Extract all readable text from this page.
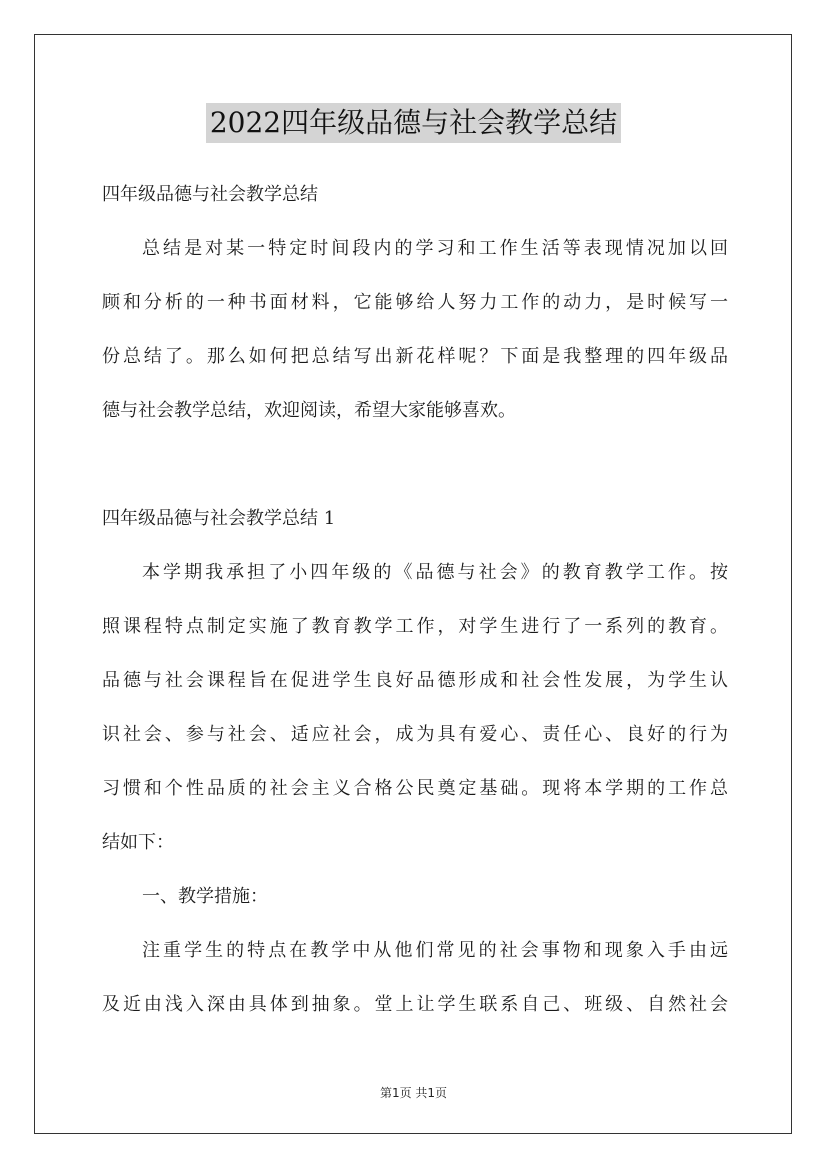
2022四年级品德与社会教学总结
四年级品德与社会教学总结
总结是对某一特定时间段内的学习和工作生活等表现情况加以回
顾和分析的一种书面材料，它能够给人努力工作的动力，是时候写一
份总结了。那么如何把总结写出新花样呢？下面是我整理的四年级品
德与社会教学总结，欢迎阅读，希望大家能够喜欢。
四年级品德与社会教学总结 1
本学期我承担了小四年级的《品德与社会》的教育教学工作。按
照课程特点制定实施了教育教学工作，对学生进行了一系列的教育。
品德与社会课程旨在促进学生良好品德形成和社会性发展，为学生认
识社会、参与社会、适应社会，成为具有爱心、责任心、良好的行为
习惯和个性品质的社会主义合格公民奠定基础。现将本学期的工作总
结如下：
一、教学措施：
注重学生的特点在教学中从他们常见的社会事物和现象入手由远
及近由浅入深由具体到抽象。堂上让学生联系自己、班级、自然社会
第1页 共1页
